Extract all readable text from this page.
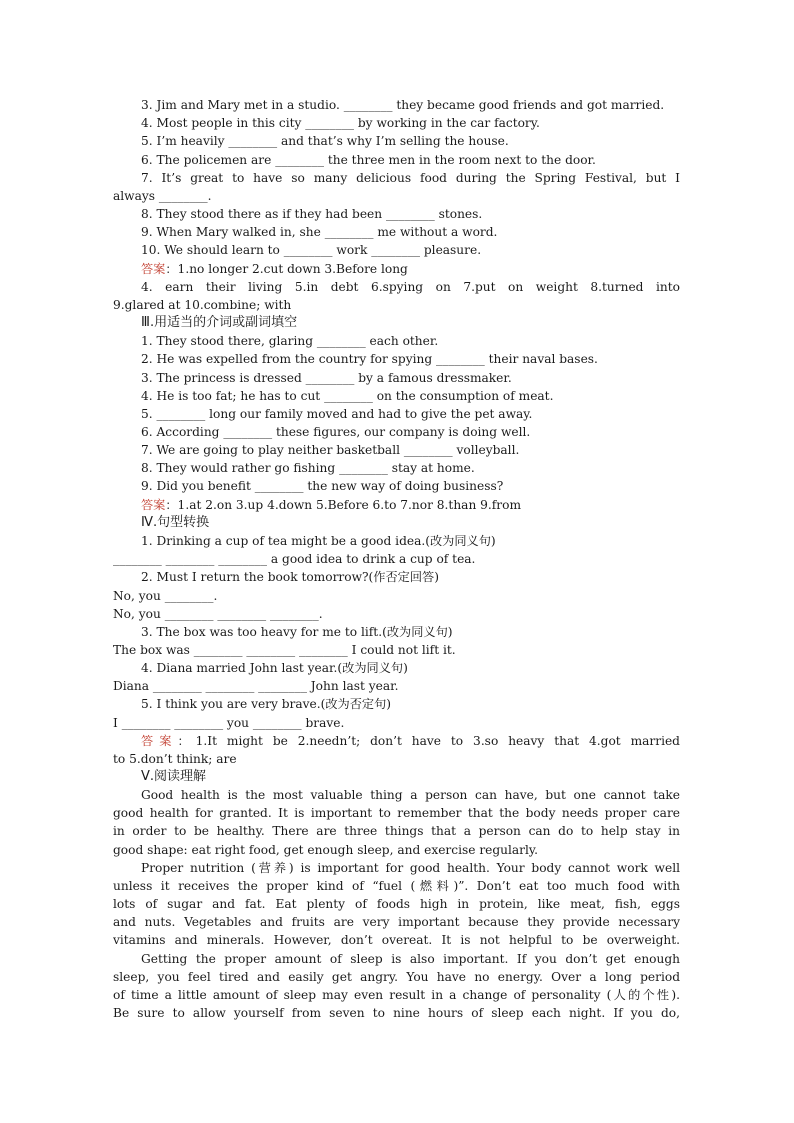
3. Jim and Mary met in a studio. ________ they became good friends and got married.
4. Most people in this city ________ by working in the car factory.
5. I’m heavily ________ and that’s why I’m selling the house.
6. The policemen are ________ the three men in the room next to the door.
7. It’s great to have so many delicious food during the Spring Festival, but I
always ________.
8. They stood there as if they had been ________ stones.
9. When Mary walked in, she ________ me without a word.
10. We should learn to ________ work ________ pleasure.
答案：1.no longer 2.cut down 3.Before long
4. earn their living 5.in debt 6.spying on 7.put on weight 8.turned into
9.glared at 10.combine; with
Ⅲ.用适当的介词或副词填空
1. They stood there, glaring ________ each other.
2. He was expelled from the country for spying ________ their naval bases.
3. The princess is dressed ________ by a famous dressmaker.
4. He is too fat; he has to cut ________ on the consumption of meat.
5. ________ long our family moved and had to give the pet away.
6. According ________ these figures, our company is doing well.
7. We are going to play neither basketball ________ volleyball.
8. They would rather go fishing ________ stay at home.
9. Did you benefit ________ the new way of doing business?
答案：1.at 2.on 3.up 4.down 5.Before 6.to 7.nor 8.than 9.from
Ⅳ.句型转换
1. Drinking a cup of tea might be a good idea.(改为同义句)
________ ________ ________ a good idea to drink a cup of tea.
2. Must I return the book tomorrow?(作否定回答)
No, you ________.
No, you ________ ________ ________.
3. The box was too heavy for me to lift.(改为同义句)
The box was ________ ________ ________ I could not lift it.
4. Diana married John last year.(改为同义句)
Diana ________ ________ ________ John last year.
5. I think you are very brave.(改为否定句)
I ________ ________ you ________ brave.
答案：1.It might be 2.needn’t; don’t have to 3.so heavy that 4.got married
to 5.don’t think; are
Ⅴ.阅读理解
Good health is the most valuable thing a person can have, but one cannot take
good health for granted. It is important to remember that the body needs proper care
in order to be healthy. There are three things that a person can do to help stay in
good shape: eat right food, get enough sleep, and exercise regularly.
Proper nutrition (营养) is important for good health. Your body cannot work well
unless it receives the proper kind of “fuel (燃料)”. Don’t eat too much food with
lots of sugar and fat. Eat plenty of foods high in protein, like meat, fish, eggs
and nuts. Vegetables and fruits are very important because they provide necessary
vitamins and minerals. However, don’t overeat. It is not helpful to be overweight.
Getting the proper amount of sleep is also important. If you don’t get enough
sleep, you feel tired and easily get angry. You have no energy. Over a long period
of time a little amount of sleep may even result in a change of personality (人的个性).
Be sure to allow yourself from seven to nine hours of sleep each night. If you do,
